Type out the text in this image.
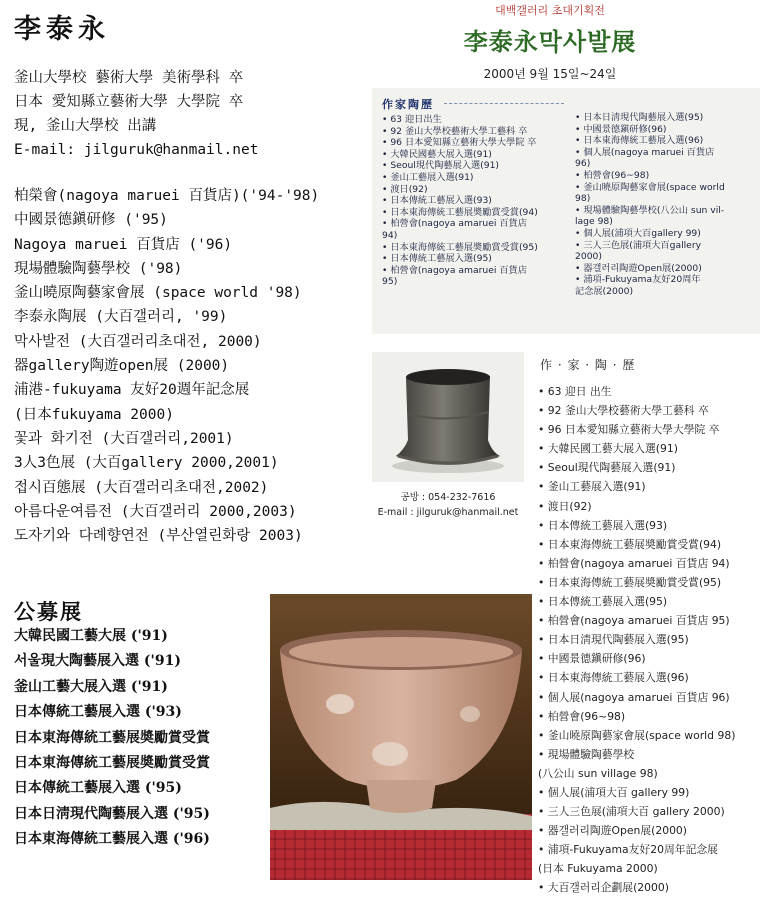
李泰永
釜山大學校 藝術大學 美術學科 卒
日本 愛知縣立藝術大學 大學院 卒
現, 釜山大學校 出講
E-mail: jilguruk@hanmail.net
柏榮會(nagoya maruei 百貨店)('94-'98)
中國景德鎭研修 ('95)
Nagoya maruei 百貨店 ('96)
現場體驗陶藝學校 ('98)
釜山曉原陶藝家會展 (space world '98)
李泰永陶展 (大百갤러리, '99)
막사발전 (大百갤러리초대전, 2000)
器gallery陶遊open展 (2000)
浦港-fukuyama 友好20週年記念展
(日本fukuyama 2000)
꽃과 화기전 (大百갤러리,2001)
3人3色展 (大百gallery 2000,2001)
접시百態展 (大百갤러리초대전,2002)
아름다운여름전 (大百갤러리 2000,2003)
도자기와 다례향연전 (부산열린화랑 2003)
公募展
大韓民國工藝大展 ('91)
서울現大陶藝展入選 ('91)
釜山工藝大展入選 ('91)
日本傳統工藝展入選 ('93)
日本東海傳統工藝展奬勵賞受賞
日本東海傳統工藝展奬勵賞受賞
日本傳統工藝展入選 ('95)
日本日淸現代陶藝展入選 ('95)
日本東海傳統工藝展入選 ('96)
대백갤러리 초대기획전
李泰永막사발展
2000년 9월 15일~24일
作家陶歷
• 63 迎日出生
• 92 釜山大學校藝術大學工藝科 卒
• 96 日本愛知縣立藝術大學大學院 卒
• 大韓民國藝大展入選(91)
• Seoul現代陶藝展入選(91)
• 釜山工藝展入選(91)
• 渡日(92)
• 日本傳統工藝展入選(93)
• 日本東海傳統工藝展奬勵賞受賞(94)
• 柏營會(nagoya amaruei 百貨店
94)
• 日本東海傳統工藝展奬勵賞受賞(95)
• 日本傳統工藝展入選(95)
• 柏營會(nagoya amaruei 百貨店
95)
• 日本日淸現代陶藝展入選(95)
• 中國景德鎭研修(96)
• 日本東海傳統工藝展入選(96)
• 個人展(nagoya maruei 百貨店
96)
• 柏營會(96~98)
• 釜山曉原陶藝家會展(space world
98)
• 現場體驗陶藝學校(八公山 sun vil-
lage 98)
• 個人展(浦項大百gallery 99)
• 三人三色展(浦項大百gallery
2000)
• 器갤러리陶遊Open展(2000)
• 浦項-Fukuyama友好20周年
記念展(2000)
공방 : 054-232-7616
E-mail : jilguruk@hanmail.net
作 · 家 · 陶 · 歷
• 63 迎日 出生
• 92 釜山大學校藝術大學工藝科 卒
• 96 日本愛知縣立藝術大學大學院 卒
• 大韓民國工藝大展入選(91)
• Seoul現代陶藝展入選(91)
• 釜山工藝展入選(91)
• 渡日(92)
• 日本傳統工藝展入選(93)
• 日本東海傳統工藝展奬勵賞受賞(94)
• 柏營會(nagoya amaruei 百貨店 94)
• 日本東海傳統工藝展奬勵賞受賞(95)
• 日本傳統工藝展入選(95)
• 柏營會(nagoya amaruei 百貨店 95)
• 日本日淸現代陶藝展入選(95)
• 中國景德鎭研修(96)
• 日本東海傳統工藝展入選(96)
• 個人展(nagoya amaruei 百貨店 96)
• 柏營會(96~98)
• 釜山曉原陶藝家會展(space world 98)
• 現場體驗陶藝學校
(八公山 sun village 98)
• 個人展(浦項大百 gallery 99)
• 三人三色展(浦項大百 gallery 2000)
• 器갤러리陶遊Open展(2000)
• 浦項-Fukuyama友好20周年記念展
(日本 Fukuyama 2000)
• 大百갤러리企劃展(2000)
